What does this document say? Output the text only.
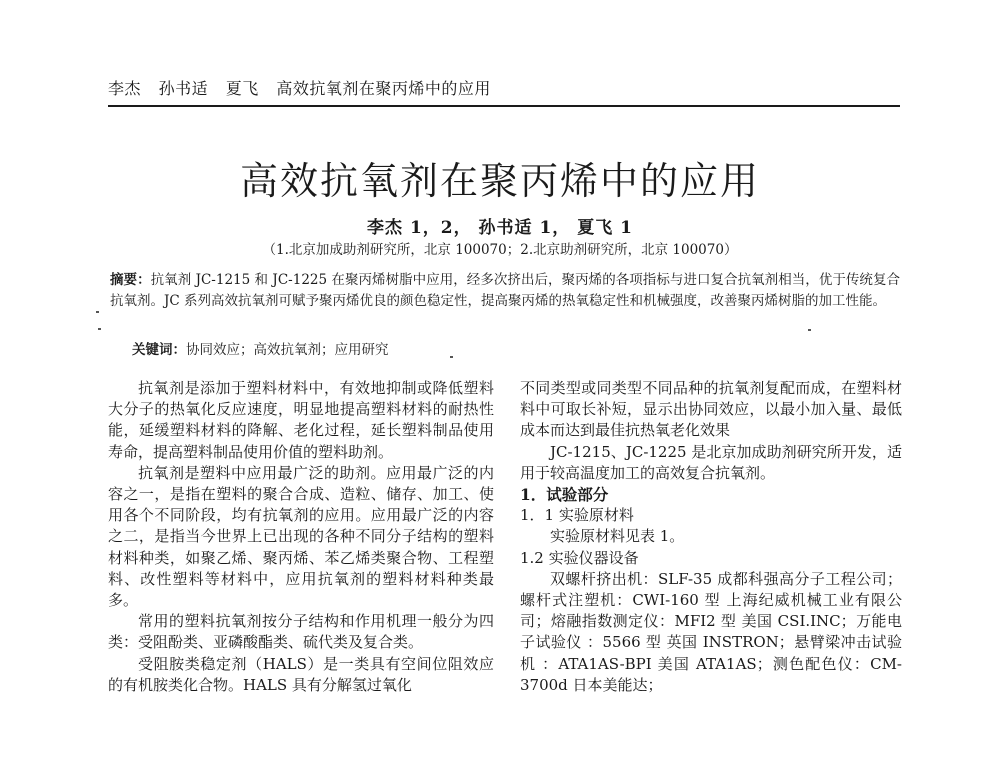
李杰 孙书适 夏飞 高效抗氧剂在聚丙烯中的应用
高效抗氧剂在聚丙烯中的应用
李杰 1，2， 孙书适 1， 夏飞 1
（1.北京加成助剂研究所，北京 100070；2.北京助剂研究所，北京 100070）
摘要：抗氧剂 JC-1215 和 JC-1225 在聚丙烯树脂中应用，经多次挤出后，聚丙烯的各项指标与进口复合抗氧剂相当，优于传统复合抗氧剂。JC 系列高效抗氧剂可赋予聚丙烯优良的颜色稳定性，提高聚丙烯的热氧稳定性和机械强度，改善聚丙烯树脂的加工性能。
关键词：协同效应；高效抗氧剂；应用研究

抗氧剂是添加于塑料材料中，有效地抑制或降低塑料大分子的热氧化反应速度，明显地提高塑料材料的耐热性能，延缓塑料材料的降解、老化过程，延长塑料制品使用寿命，提高塑料制品使用价值的塑料助剂。

抗氧剂是塑料中应用最广泛的助剂。应用最广泛的内容之一，是指在塑料的聚合合成、造粒、储存、加工、使用各个不同阶段，均有抗氧剂的应用。应用最广泛的内容之二，是指当今世界上已出现的各种不同分子结构的塑料材料种类，如聚乙烯、聚丙烯、苯乙烯类聚合物、工程塑料、改性塑料等材料中，应用抗氧剂的塑料材料种类最多。

常用的塑料抗氧剂按分子结构和作用机理一般分为四类：受阻酚类、亚磷酸酯类、硫代类及复合类。

受阻胺类稳定剂（HALS）是一类具有空间位阻效应的有机胺类化合物。HALS 具有分解氢过氧化

不同类型或同类型不同品种的抗氧剂复配而成，在塑料材料中可取长补短，显示出协同效应，以最小加入量、最低成本而达到最佳抗热氧老化效果

JC-1215、JC-1225 是北京加成助剂研究所开发，适用于较高温度加工的高效复合抗氧剂。

1．试验部分

1．1 实验原材料

实验原材料见表 1。

1.2 实验仪器设备

双螺杆挤出机：SLF-35 成都科强高分子工程公司；螺杆式注塑机：CWI-160 型 上海纪威机械工业有限公司；熔融指数测定仪：MFI2 型 美国 CSI.INC；万能电子试验仪 ：5566 型 英国 INSTRON；悬臂梁冲击试验机 ：ATA1AS-BPI 美国 ATA1AS；测色配色仪：CM-3700d 日本美能达；
